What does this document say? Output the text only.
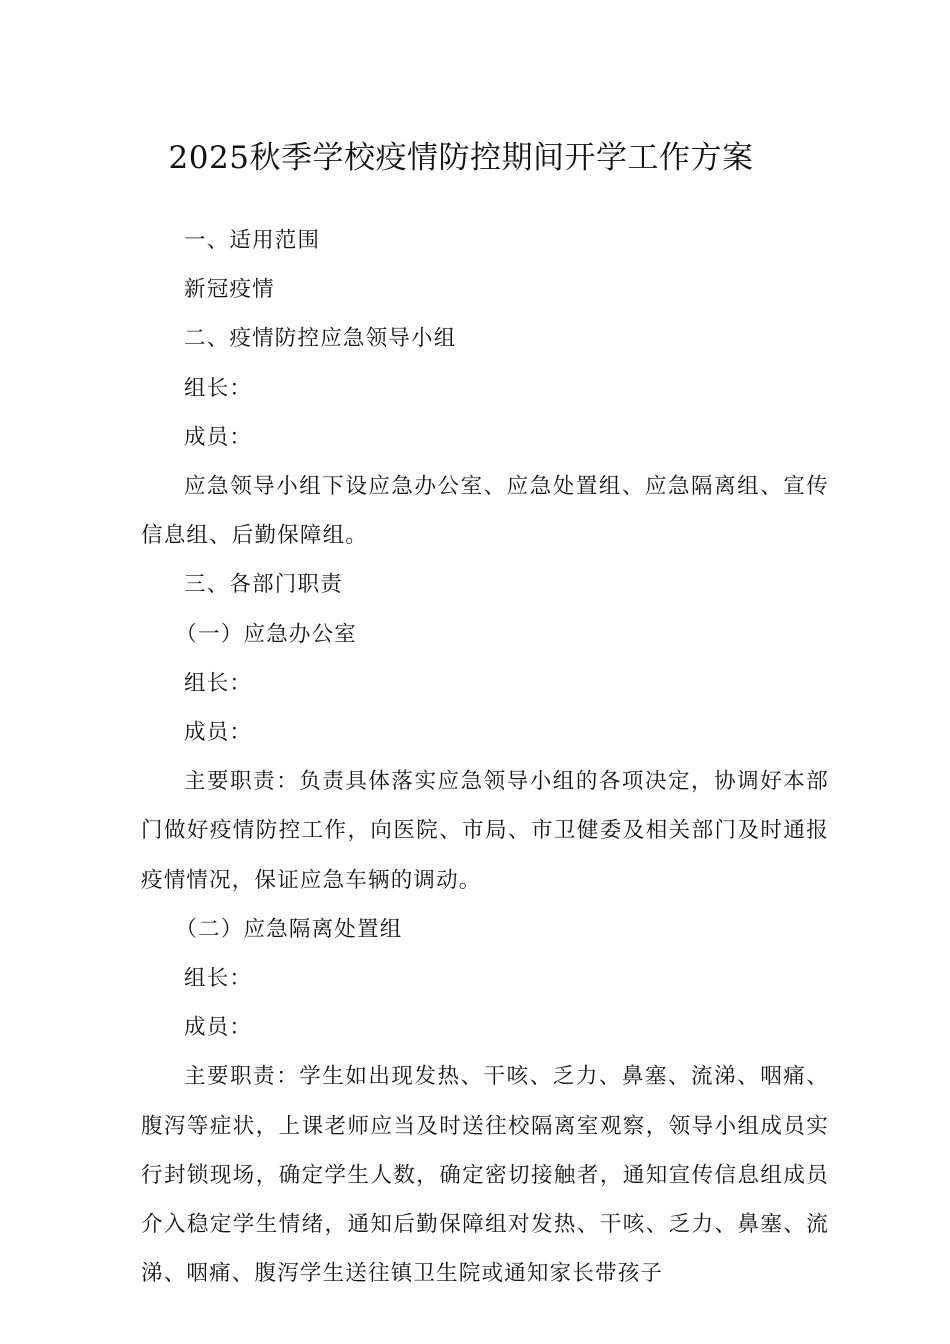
2025秋季学校疫情防控期间开学工作方案

一、适用范围

新冠疫情

二、疫情防控应急领导小组

组长：

成员：

应急领导小组下设应急办公室、应急处置组、应急隔离组、宣传信息组、后勤保障组。

三、各部门职责

（一）应急办公室

组长：

成员：

主要职责：负责具体落实应急领导小组的各项决定，协调好本部门做好疫情防控工作，向医院、市局、市卫健委及相关部门及时通报疫情情况，保证应急车辆的调动。

（二）应急隔离处置组

组长：

成员：

主要职责：学生如出现发热、干咳、乏力、鼻塞、流涕、咽痛、腹泻等症状，上课老师应当及时送往校隔离室观察，领导小组成员实行封锁现场，确定学生人数，确定密切接触者，通知宣传信息组成员介入稳定学生情绪，通知后勤保障组对发热、干咳、乏力、鼻塞、流涕、咽痛、腹泻学生送往镇卫生院或通知家长带孩子
